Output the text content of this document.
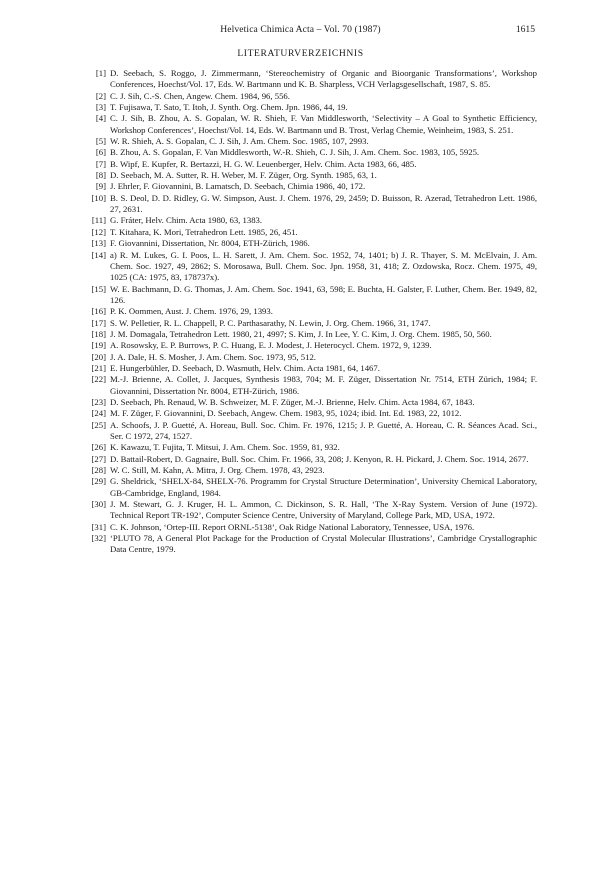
Helvetica Chimica Acta – Vol. 70 (1987)	1615
LITERATURVERZEICHNIS
[1] D. Seebach, S. Roggo, J. Zimmermann, ‘Stereochemistry of Organic and Bioorganic Transformations’, Workshop Conferences, Hoechst/Vol. 17, Eds. W. Bartmann und K. B. Sharpless, VCH Verlagsgesellschaft, 1987, S. 85.
[2] C. J. Sih, C.-S. Chen, Angew. Chem. 1984, 96, 556.
[3] T. Fujisawa, T. Sato, T. Itoh, J. Synth. Org. Chem. Jpn. 1986, 44, 19.
[4] C. J. Sih, B. Zhou, A. S. Gopalan, W. R. Shieh, F. Van Middlesworth, ‘Selectivity – A Goal to Synthetic Efficiency, Workshop Conferences’, Hoechst/Vol. 14, Eds. W. Bartmann und B. Trost, Verlag Chemie, Weinheim, 1983, S. 251.
[5] W. R. Shieh, A. S. Gopalan, C. J. Sih, J. Am. Chem. Soc. 1985, 107, 2993.
[6] B. Zhou, A. S. Gopalan, F. Van Middlesworth, W.-R. Shieh, C. J. Sih, J. Am. Chem. Soc. 1983, 105, 5925.
[7] B. Wipf, E. Kupfer, R. Bertazzi, H. G. W. Leuenberger, Helv. Chim. Acta 1983, 66, 485.
[8] D. Seebach, M. A. Sutter, R. H. Weber, M. F. Züger, Org. Synth. 1985, 63, 1.
[9] J. Ehrler, F. Giovannini, B. Lamatsch, D. Seebach, Chimia 1986, 40, 172.
[10] B. S. Deol, D. D. Ridley, G. W. Simpson, Aust. J. Chem. 1976, 29, 2459; D. Buisson, R. Azerad, Tetrahedron Lett. 1986, 27, 2631.
[11] G. Fráter, Helv. Chim. Acta 1980, 63, 1383.
[12] T. Kitahara, K. Mori, Tetrahedron Lett. 1985, 26, 451.
[13] F. Giovannini, Dissertation, Nr. 8004, ETH-Zürich, 1986.
[14] a) R. M. Lukes, G. I. Poos, L. H. Sarett, J. Am. Chem. Soc. 1952, 74, 1401; b) J. R. Thayer, S. M. McElvain, J. Am. Chem. Soc. 1927, 49, 2862; S. Morosawa, Bull. Chem. Soc. Jpn. 1958, 31, 418; Z. Ozdowska, Rocz. Chem. 1975, 49, 1025 (CA: 1975, 83, 178737x).
[15] W. E. Bachmann, D. G. Thomas, J. Am. Chem. Soc. 1941, 63, 598; E. Buchta, H. Galster, F. Luther, Chem. Ber. 1949, 82, 126.
[16] P. K. Oommen, Aust. J. Chem. 1976, 29, 1393.
[17] S. W. Pelletier, R. L. Chappell, P. C. Parthasarathy, N. Lewin, J. Org. Chem. 1966, 31, 1747.
[18] J. M. Domagala, Tetrahedron Lett. 1980, 21, 4997; S. Kim, J. In Lee, Y. C. Kim, J. Org. Chem. 1985, 50, 560.
[19] A. Rosowsky, E. P. Burrows, P. C. Huang, E. J. Modest, J. Heterocycl. Chem. 1972, 9, 1239.
[20] J. A. Dale, H. S. Mosher, J. Am. Chem. Soc. 1973, 95, 512.
[21] E. Hungerbühler, D. Seebach, D. Wasmuth, Helv. Chim. Acta 1981, 64, 1467.
[22] M.-J. Brienne, A. Collet, J. Jacques, Synthesis 1983, 704; M. F. Züger, Dissertation Nr. 7514, ETH Zürich, 1984; F. Giovannini, Dissertation Nr. 8004, ETH-Zürich, 1986.
[23] D. Seebach, Ph. Renaud, W. B. Schweizer, M. F. Züger, M.-J. Brienne, Helv. Chim. Acta 1984, 67, 1843.
[24] M. F. Züger, F. Giovannini, D. Seebach, Angew. Chem. 1983, 95, 1024; ibid. Int. Ed. 1983, 22, 1012.
[25] A. Schoofs, J. P. Guetté, A. Horeau, Bull. Soc. Chim. Fr. 1976, 1215; J. P. Guetté, A. Horeau, C. R. Séances Acad. Sci., Ser. C 1972, 274, 1527.
[26] K. Kawazu, T. Fujita, T. Mitsui, J. Am. Chem. Soc. 1959, 81, 932.
[27] D. Battail-Robert, D. Gagnaire, Bull. Soc. Chim. Fr. 1966, 33, 208; J. Kenyon, R. H. Pickard, J. Chem. Soc. 1914, 2677.
[28] W. C. Still, M. Kahn, A. Mitra, J. Org. Chem. 1978, 43, 2923.
[29] G. Sheldrick, ‘SHELX-84, SHELX-76. Programm for Crystal Structure Determination’, University Chemical Laboratory, GB-Cambridge, England, 1984.
[30] J. M. Stewart, G. J. Kruger, H. L. Ammon, C. Dickinson, S. R. Hall, ‘The X-Ray System. Version of June (1972). Technical Report TR-192’, Computer Science Centre, University of Maryland, College Park, MD, USA, 1972.
[31] C. K. Johnson, ‘Ortep-III. Report ORNL-5138’, Oak Ridge National Laboratory, Tennessee, USA, 1976.
[32] ‘PLUTO 78, A General Plot Package for the Production of Crystal Molecular Illustrations’, Cambridge Crystallographic Data Centre, 1979.
